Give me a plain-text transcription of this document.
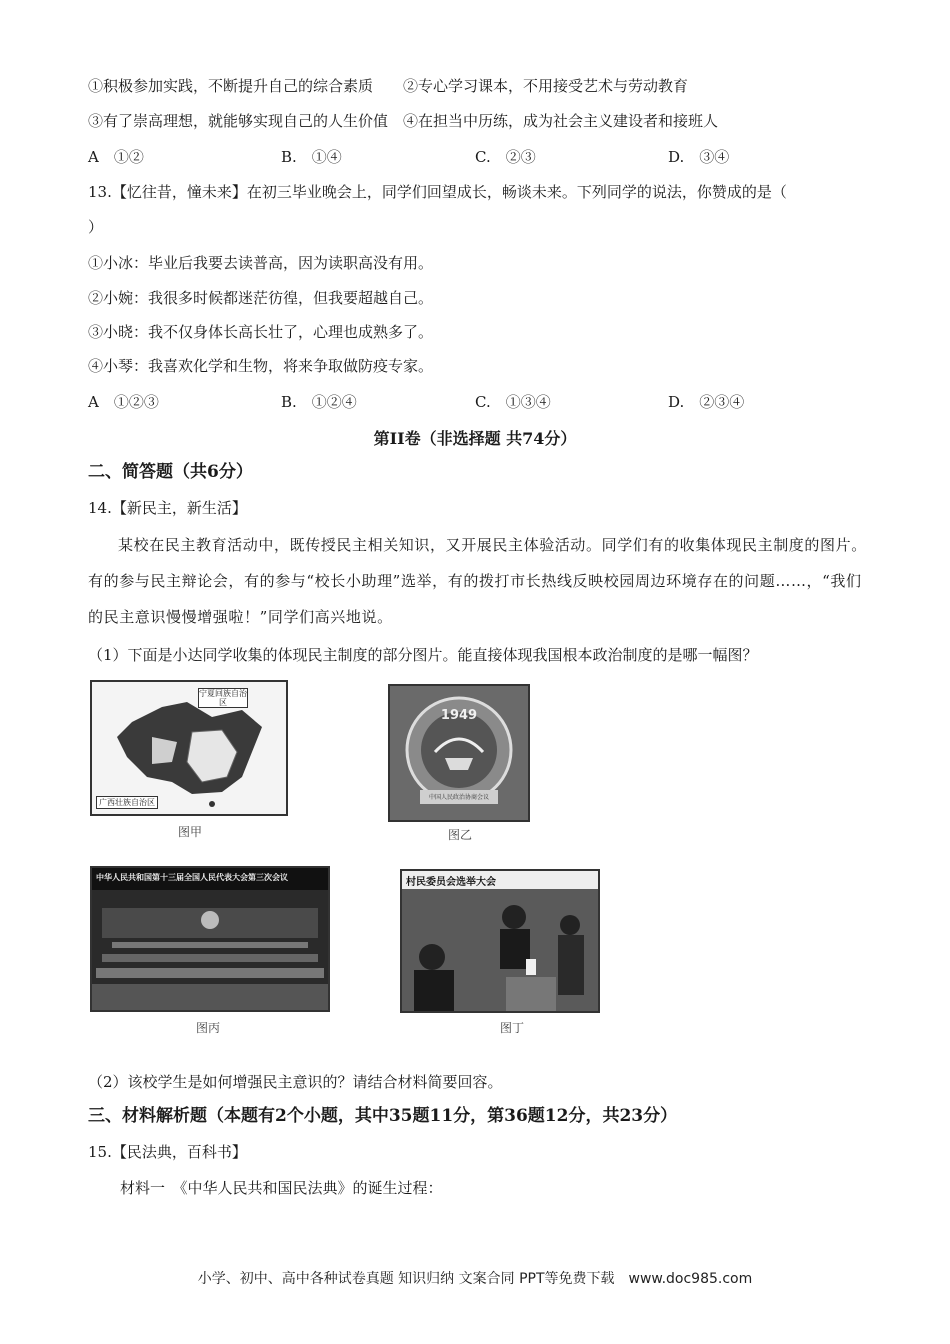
①积极参加实践，不断提升自己的综合素质　　②专心学习课本，不用接受艺术与劳动教育
③有了崇高理想，就能够实现自己的人生价值　④在担当中历练，成为社会主义建设者和接班人
A　①②	B.　①④	C.　②③	D.　③④
13.【忆往昔，憧未来】在初三毕业晚会上，同学们回望成长，畅谈未来。下列同学的说法，你赞成的是（
）
①小冰：毕业后我要去读普高，因为读职高没有用。
②小婉：我很多时候都迷茫彷徨，但我要超越自己。
③小晓：我不仅身体长高长壮了，心理也成熟多了。
④小琴：我喜欢化学和生物，将来争取做防疫专家。
A　①②③	B.　①②④	C.　①③④	D.　②③④
第II卷（非选择题 共74分）
二、简答题（共6分）
14.【新民主，新生活】
某校在民主教育活动中，既传授民主相关知识，又开展民主体验活动。同学们有的收集体现民主制度的图片。有的参与民主辩论会，有的参与“校长小助理”选举，有的拨打市长热线反映校园周边环境存在的问题……，“我们的民主意识慢慢增强啦！”同学们高兴地说。
（1）下面是小达同学收集的体现民主制度的部分图片。能直接体现我国根本政治制度的是哪一幅图？
宁夏回族自治区
广西壮族自治区
图甲
1949
中国人民政治协商会议
图乙
中华人民共和国第十三届全国人民代表大会第三次会议
图丙
村民委员会选举大会
图丁
（2）该校学生是如何增强民主意识的？请结合材料简要回容。
三、材料解析题（本题有2个小题，其中35题11分，第36题12分，共23分）
15.【民法典，百科书】
材料一　《中华人民共和国民法典》的诞生过程：
小学、初中、高中各种试卷真题 知识归纳 文案合同 PPT等免费下载　www.doc985.com
